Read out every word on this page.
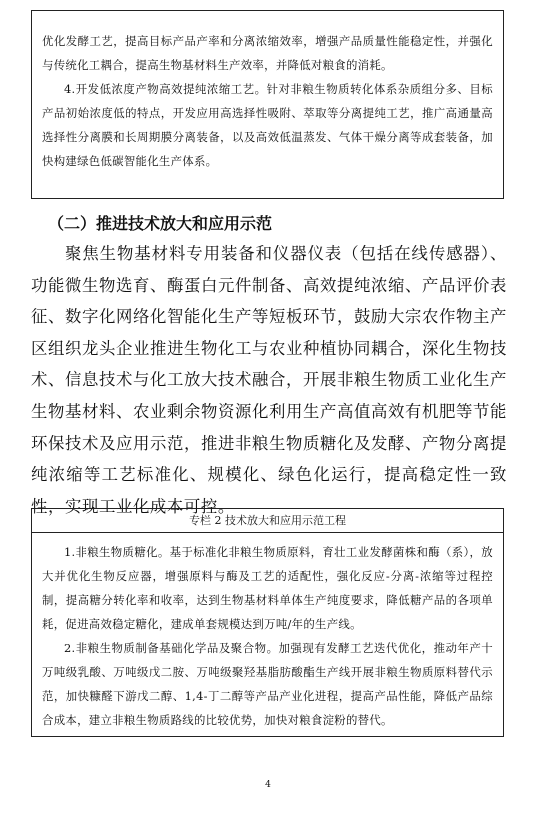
优化发酵工艺，提高目标产品产率和分离浓缩效率，增强产品质量性能稳定性，并强化与传统化工耦合，提高生物基材料生产效率，并降低对粮食的消耗。

4.开发低浓度产物高效提纯浓缩工艺。针对非粮生物质转化体系杂质组分多、目标产品初始浓度低的特点，开发应用高选择性吸附、萃取等分离提纯工艺，推广高通量高选择性分离膜和长周期膜分离装备，以及高效低温蒸发、气体干燥分离等成套装备，加快构建绿色低碳智能化生产体系。

（二）推进技术放大和应用示范

聚焦生物基材料专用装备和仪器仪表（包括在线传感器）、功能微生物选育、酶蛋白元件制备、高效提纯浓缩、产品评价表征、数字化网络化智能化生产等短板环节，鼓励大宗农作物主产区组织龙头企业推进生物化工与农业种植协同耦合，深化生物技术、信息技术与化工放大技术融合，开展非粮生物质工业化生产生物基材料、农业剩余物资源化利用生产高值高效有机肥等节能环保技术及应用示范，推进非粮生物质糖化及发酵、产物分离提纯浓缩等工艺标准化、规模化、绿色化运行，提高稳定性一致性，实现工业化成本可控。

专栏 2 技术放大和应用示范工程

1.非粮生物质糖化。基于标准化非粮生物质原料，育壮工业发酵菌株和酶（系），放大并优化生物反应器，增强原料与酶及工艺的适配性，强化反应-分离-浓缩等过程控制，提高糖分转化率和收率，达到生物基材料单体生产纯度要求，降低糖产品的各项单耗，促进高效稳定糖化，建成单套规模达到万吨/年的生产线。

2.非粮生物质制备基础化学品及聚合物。加强现有发酵工艺迭代优化，推动年产十万吨级乳酸、万吨级戊二胺、万吨级聚羟基脂肪酸酯生产线开展非粮生物质原料替代示范，加快糠醛下游戊二醇、1,4-丁二醇等产品产业化进程，提高产品性能，降低产品综合成本，建立非粮生物质路线的比较优势，加快对粮食淀粉的替代。

4
